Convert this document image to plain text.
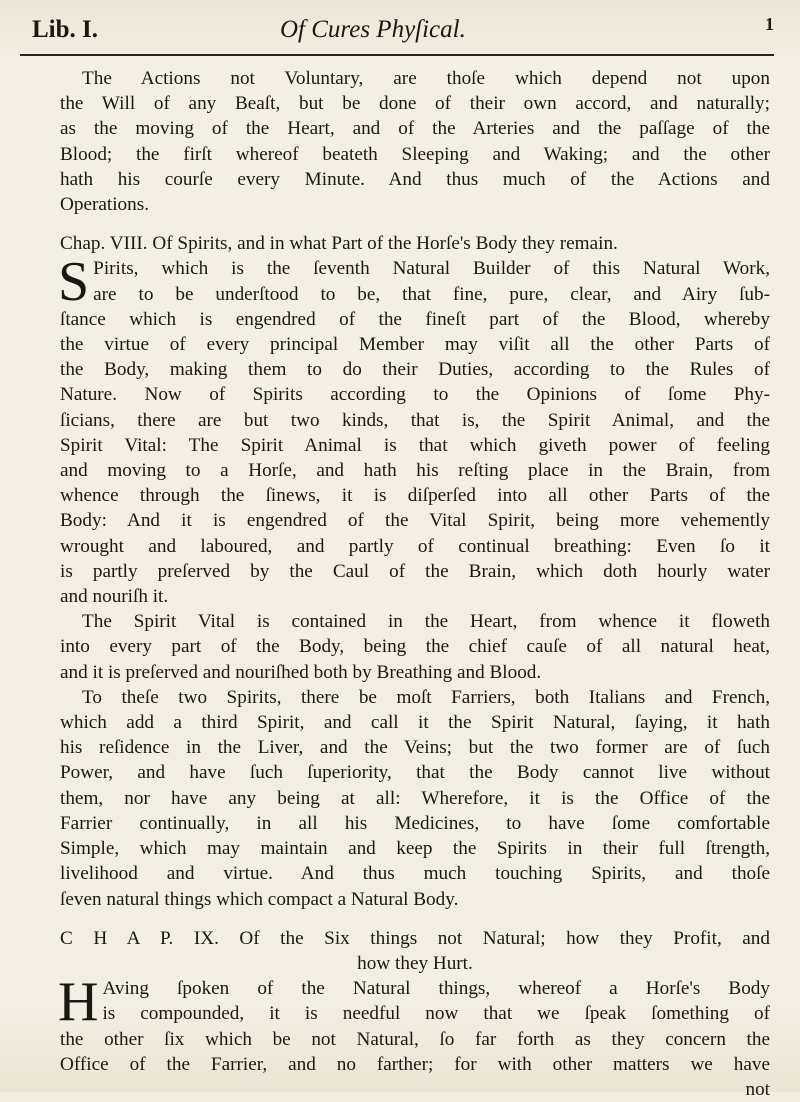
Lib. I.	Of Cures Phyſical.	1
The Actions not Voluntary, are thoſe which depend not upon
the Will of any Beaſt, but be done of their own accord, and naturally;
as the moving of the Heart, and of the Arteries and the paſſage of the
Blood; the firſt whereof beateth Sleeping and Waking; and the other
hath his courſe every Minute. And thus much of the Actions and
Operations.
Chap. VIII. Of Spirits, and in what Part of the Horſe's Body they remain.
S Pirits, which is the ſeventh Natural Builder of this Natural Work,
are to be underſtood to be, that fine, pure, clear, and Airy ſub-
ſtance which is engendred of the fineſt part of the Blood, whereby
the virtue of every principal Member may viſit all the other Parts of
the Body, making them to do their Duties, according to the Rules of
Nature. Now of Spirits according to the Opinions of ſome Phy-
ſicians, there are but two kinds, that is, the Spirit Animal, and the
Spirit Vital: The Spirit Animal is that which giveth power of feeling
and moving to a Horſe, and hath his reſting place in the Brain, from
whence through the ſinews, it is diſperſed into all other Parts of the
Body: And it is engendred of the Vital Spirit, being more vehemently
wrought and laboured, and partly of continual breathing: Even ſo it
is partly preſerved by the Caul of the Brain, which doth hourly water
and nouriſh it.
The Spirit Vital is contained in the Heart, from whence it floweth
into every part of the Body, being the chief cauſe of all natural heat,
and it is preſerved and nouriſhed both by Breathing and Blood.
To theſe two Spirits, there be moſt Farriers, both Italians and French,
which add a third Spirit, and call it the Spirit Natural, ſaying, it hath
his reſidence in the Liver, and the Veins; but the two former are of ſuch
Power, and have ſuch ſuperiority, that the Body cannot live without
them, nor have any being at all: Wherefore, it is the Office of the
Farrier continually, in all his Medicines, to have ſome comfortable
Simple, which may maintain and keep the Spirits in their full ſtrength,
livelihood and virtue. And thus much touching Spirits, and thoſe
ſeven natural things which compact a Natural Body.
C H A P. IX. Of the Six things not Natural; how they Profit, and
how they Hurt.
H Aving ſpoken of the Natural things, whereof a Horſe's Body
is compounded, it is needful now that we ſpeak ſomething of
the other ſix which be not Natural, ſo far forth as they concern the
Office of the Farrier, and no farther; for with other matters we have
not
